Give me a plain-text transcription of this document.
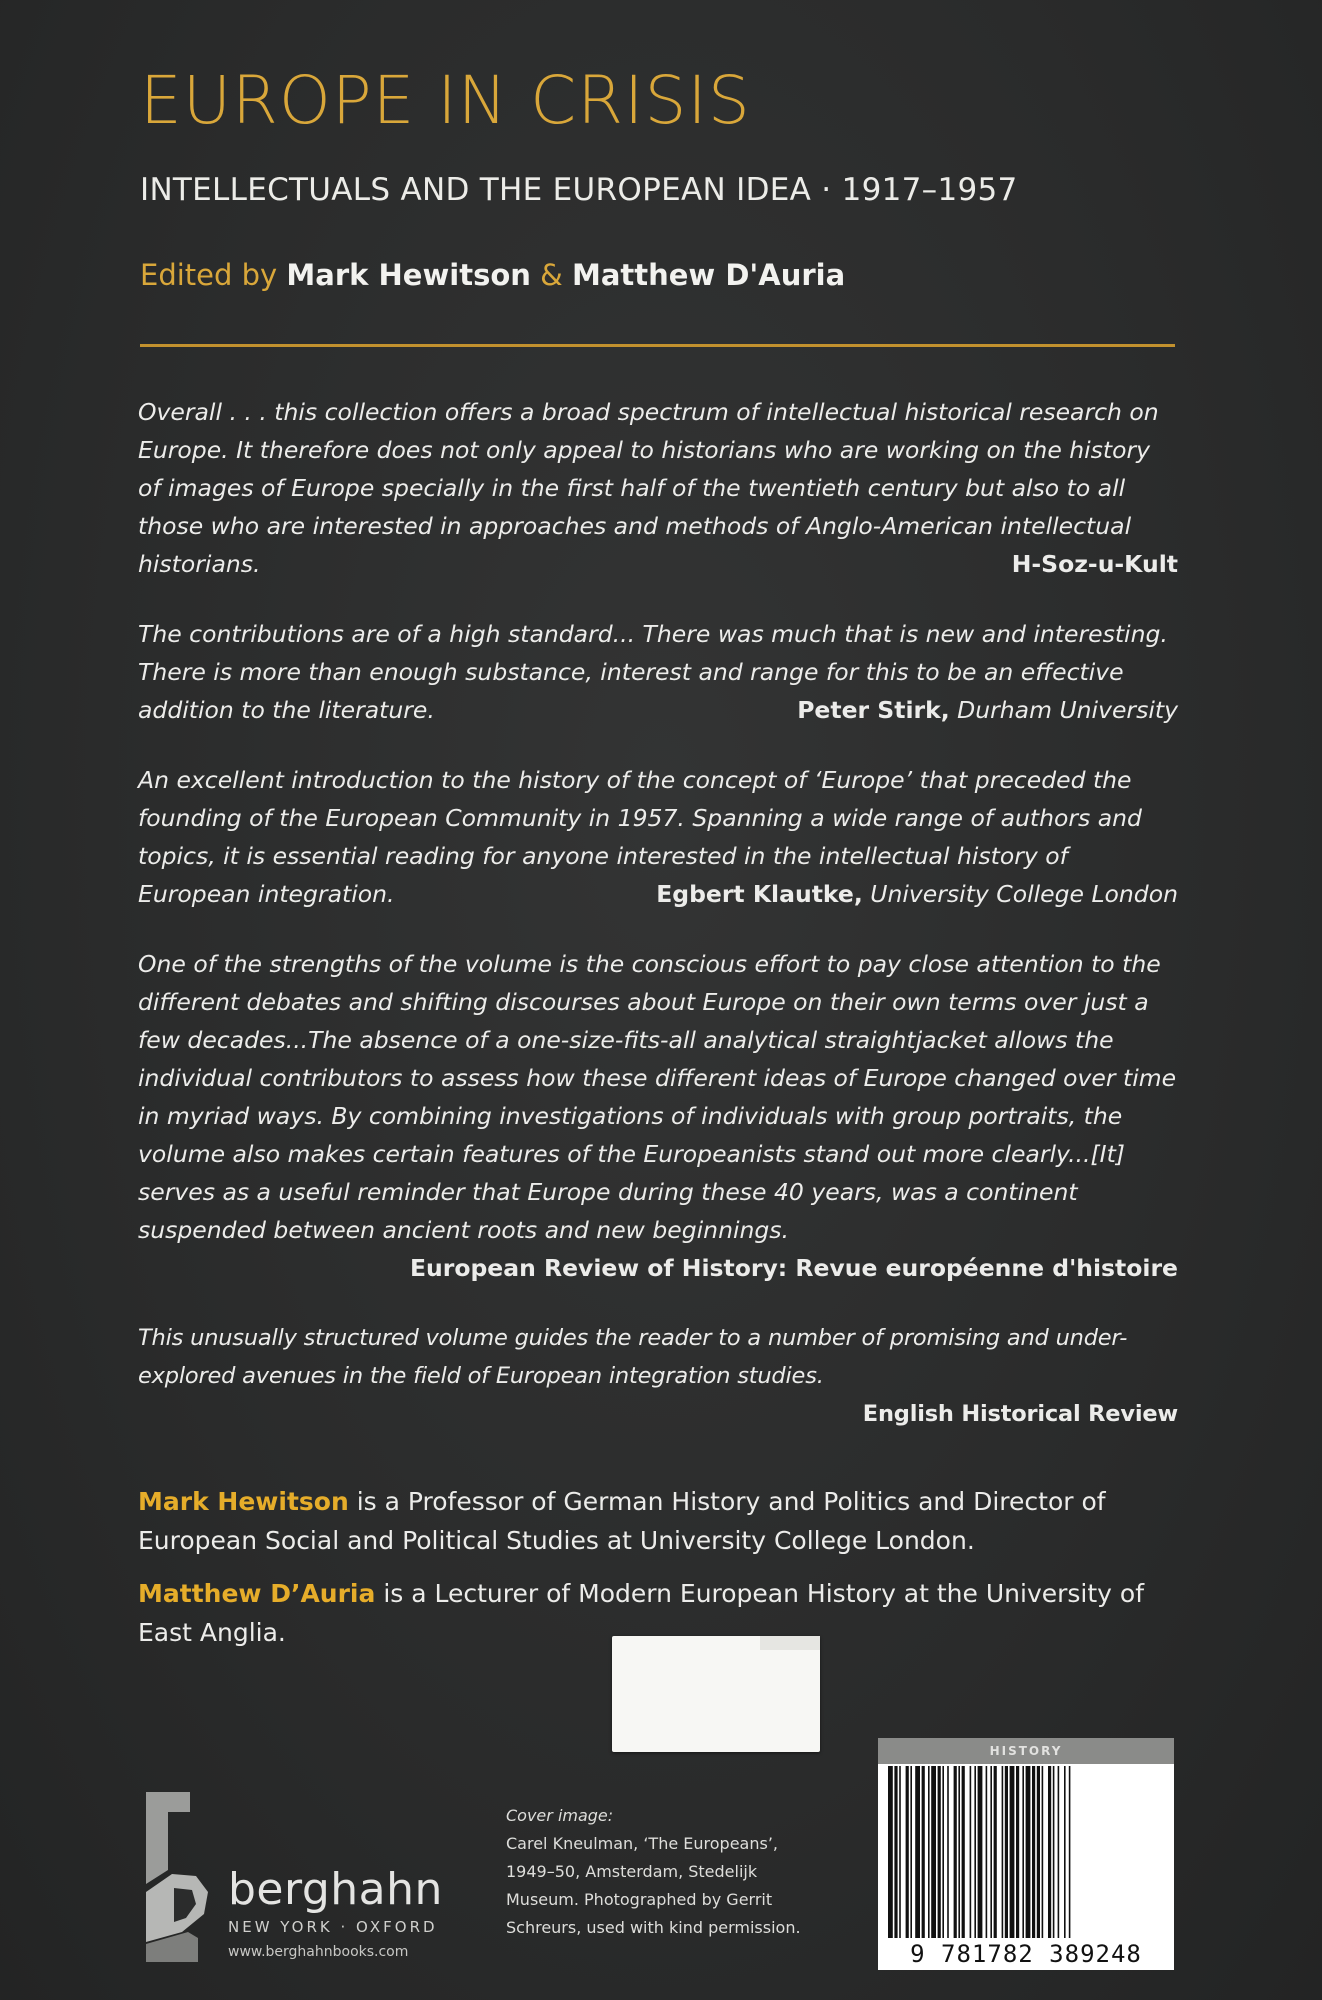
EUROPE IN CRISIS
INTELLECTUALS AND THE EUROPEAN IDEA · 1917–1957
Edited by Mark Hewitson & Matthew D'Auria
Overall . . . this collection offers a broad spectrum of intellectual historical research on Europe. It therefore does not only appeal to historians who are working on the history of images of Europe specially in the first half of the twentieth century but also to all those who are interested in approaches and methods of Anglo-American intellectual historians.	H-Soz-u-Kult
The contributions are of a high standard... There was much that is new and interesting. There is more than enough substance, interest and range for this to be an effective addition to the literature.	Peter Stirk, Durham University
An excellent introduction to the history of the concept of ‘Europe’ that preceded the founding of the European Community in 1957. Spanning a wide range of authors and topics, it is essential reading for anyone interested in the intellectual history of European integration.	Egbert Klautke, University College London
One of the strengths of the volume is the conscious effort to pay close attention to the different debates and shifting discourses about Europe on their own terms over just a few decades...The absence of a one-size-fits-all analytical straightjacket allows the individual contributors to assess how these different ideas of Europe changed over time in myriad ways. By combining investigations of individuals with group portraits, the volume also makes certain features of the Europeanists stand out more clearly...[It] serves as a useful reminder that Europe during these 40 years, was a continent suspended between ancient roots and new beginnings.
European Review of History: Revue européenne d'histoire
This unusually structured volume guides the reader to a number of promising and under-explored avenues in the field of European integration studies.
English Historical Review

Mark Hewitson is a Professor of German History and Politics and Director of European Social and Political Studies at University College London.

Matthew D’Auria is a Lecturer of Modern European History at the University of East Anglia.

berghahn
NEW YORK · OXFORD
www.berghahnbooks.com
Cover image:
Carel Kneulman, ‘The Europeans’, 1949–50, Amsterdam, Stedelijk Museum. Photographed by Gerrit Schreurs, used with kind permission.
HISTORY
9 781782 389248
